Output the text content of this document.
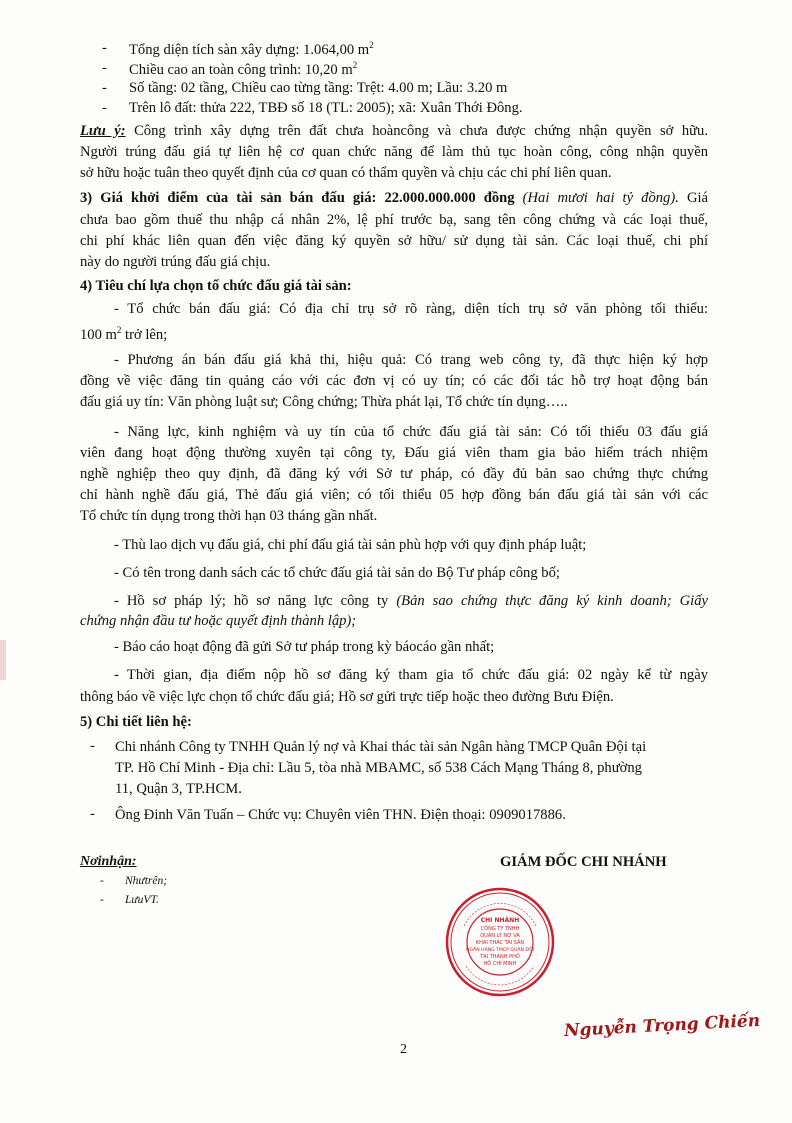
- Tổng diện tích sàn xây dựng: 1.064,00 $m^2$
- Chiều cao an toàn công trình: 10,20 $m^2$
- Số tầng: 02 tầng, Chiều cao từng tầng: Trệt: 4.00 m; Lầu: 3.20 m
- Trên lô đất: thửa 222, TBĐ số 18 (TL: 2005); xã: Xuân Thới Đông.
Lưu ý: Công trình xây dựng trên đất chưa hoàncông và chưa được chứng nhận quyền sở hữu.
Người trúng đấu giá tự liên hệ cơ quan chức năng để làm thủ tục hoàn công, công nhận quyền
sở hữu hoặc tuân theo quyết định của cơ quan có thẩm quyền và chịu các chi phí liên quan.
3) Giá khởi điểm của tài sản bán đấu giá: 22.000.000.000 đồng (Hai mươi hai tỷ đồng). Giá
chưa bao gồm thuế thu nhập cá nhân 2%, lệ phí trước bạ, sang tên công chứng và các loại thuế,
chi phí khác liên quan đến việc đăng ký quyền sở hữu/ sử dụng tài sản. Các loại thuế, chi phí
này do người trúng đấu giá chịu.
4) Tiêu chí lựa chọn tổ chức đấu giá tài sản:
- Tổ chức bán đấu giá: Có địa chỉ trụ sở rõ ràng, diện tích trụ sở văn phòng tối thiểu:
100 $m^2$ trở lên;
- Phương án bán đấu giá khả thi, hiệu quả: Có trang web công ty, đã thực hiện ký hợp
đồng về việc đăng tin quảng cáo với các đơn vị có uy tín; có các đối tác hỗ trợ hoạt động bán
đấu giá uy tín: Văn phòng luật sư; Công chứng; Thừa phát lại, Tổ chức tín dụng…..
- Năng lực, kinh nghiệm và uy tín của tổ chức đấu giá tài sản: Có tối thiểu 03 đấu giá
viên đang hoạt động thường xuyên tại công ty, Đấu giá viên tham gia bảo hiểm trách nhiệm
nghề nghiệp theo quy định, đã đăng ký với Sở tư pháp, có đầy đủ bản sao chứng thực chứng
chỉ hành nghề đấu giá, Thẻ đấu giá viên; có tối thiểu 05 hợp đồng bán đấu giá tài sản với các
Tổ chức tín dụng trong thời hạn 03 tháng gần nhất.
- Thù lao dịch vụ đấu giá, chi phí đấu giá tài sản phù hợp với quy định pháp luật;
- Có tên trong danh sách các tổ chức đấu giá tài sản do Bộ Tư pháp công bố;
- Hồ sơ pháp lý; hồ sơ năng lực công ty (Bản sao chứng thực đăng ký kinh doanh; Giấy
chứng nhận đầu tư hoặc quyết định thành lập);
- Báo cáo hoạt động đã gửi Sở tư pháp trong kỳ báocáo gần nhất;
- Thời gian, địa điểm nộp hồ sơ đăng ký tham gia tổ chức đấu giá: 02 ngày kể từ ngày
thông báo về việc lực chọn tổ chức đấu giá; Hồ sơ gửi trực tiếp hoặc theo đường Bưu Điện.
5) Chi tiết liên hệ:
- Chi nhánh Công ty TNHH Quản lý nợ và Khai thác tài sản Ngân hàng TMCP Quân Đội tại
TP. Hồ Chí Minh - Địa chỉ: Lầu 5, tòa nhà MBAMC, số 538 Cách Mạng Tháng 8, phường
11, Quận 3, TP.HCM.
- Ông Đinh Văn Tuấn – Chức vụ: Chuyên viên THN. Điện thoại: 0909017886.
Nơinhận:
- Nhưtrên;
- LưuVT.
GIÁM ĐỐC CHI NHÁNH
CHI NHÁNH
CÔNG TY TNHH
QUẢN LÝ NỢ VÀ
KHAI THÁC TÀI SẢN
NGÂN HÀNG TMCP QUÂN ĐỘI
TẠI THÀNH PHỐ
HỒ CHÍ MINH
Nguyễn Trọng Chiến
2
